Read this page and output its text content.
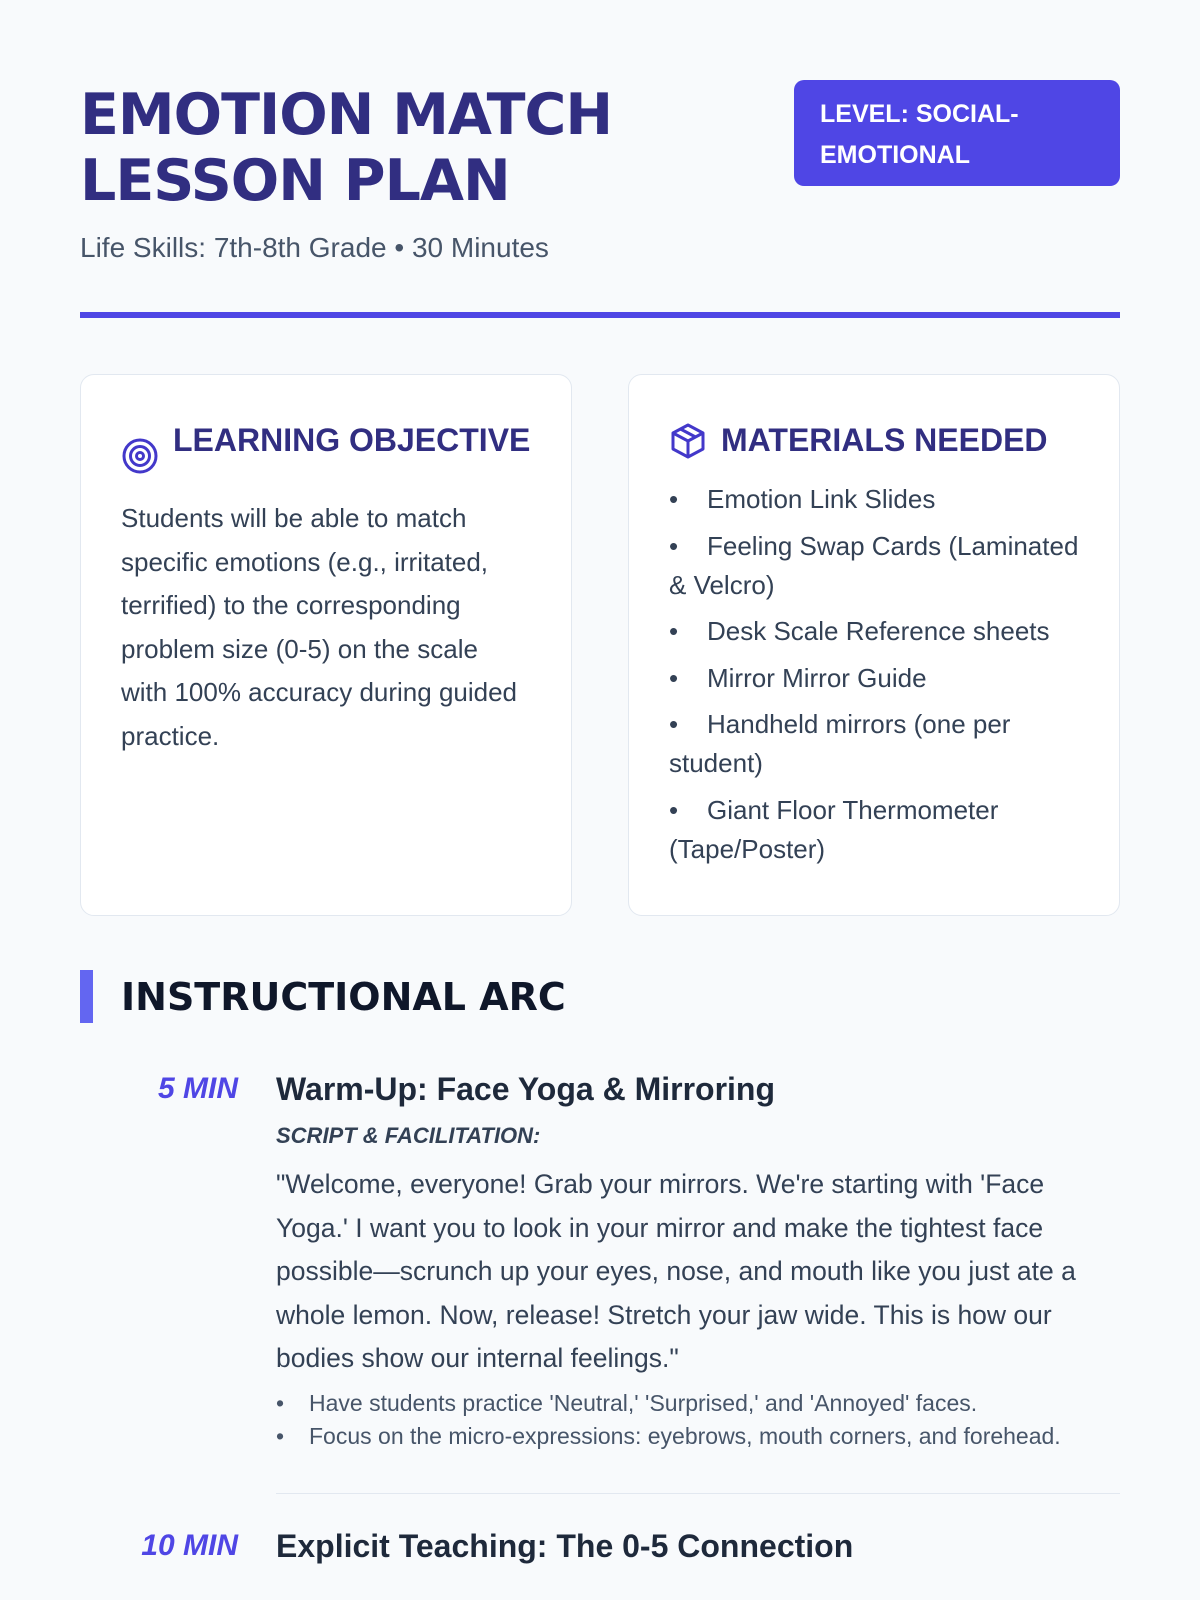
EMOTION MATCH LESSON PLAN
Life Skills: 7th-8th Grade • 30 Minutes
LEVEL: SOCIAL-EMOTIONAL
LEARNING OBJECTIVE

Students will be able to match specific emotions (e.g., irritated, terrified) to the corresponding problem size (0-5) on the scale with 100% accuracy during guided practice.

MATERIALS NEEDED
• Emotion Link Slides
• Feeling Swap Cards (Laminated & Velcro)
• Desk Scale Reference sheets
• Mirror Mirror Guide
• Handheld mirrors (one per student)
• Giant Floor Thermometer (Tape/Poster)
INSTRUCTIONAL ARC
5 MIN	Warm-Up: Face Yoga & Mirroring
SCRIPT & FACILITATION:

"Welcome, everyone! Grab your mirrors. We're starting with 'Face Yoga.' I want you to look in your mirror and make the tightest face possible—scrunch up your eyes, nose, and mouth like you just ate a whole lemon. Now, release! Stretch your jaw wide. This is how our bodies show our internal feelings."

• Have students practice 'Neutral,' 'Surprised,' and 'Annoyed' faces.
• Focus on the micro-expressions: eyebrows, mouth corners, and forehead.
10 MIN	Explicit Teaching: The 0-5 Connection
